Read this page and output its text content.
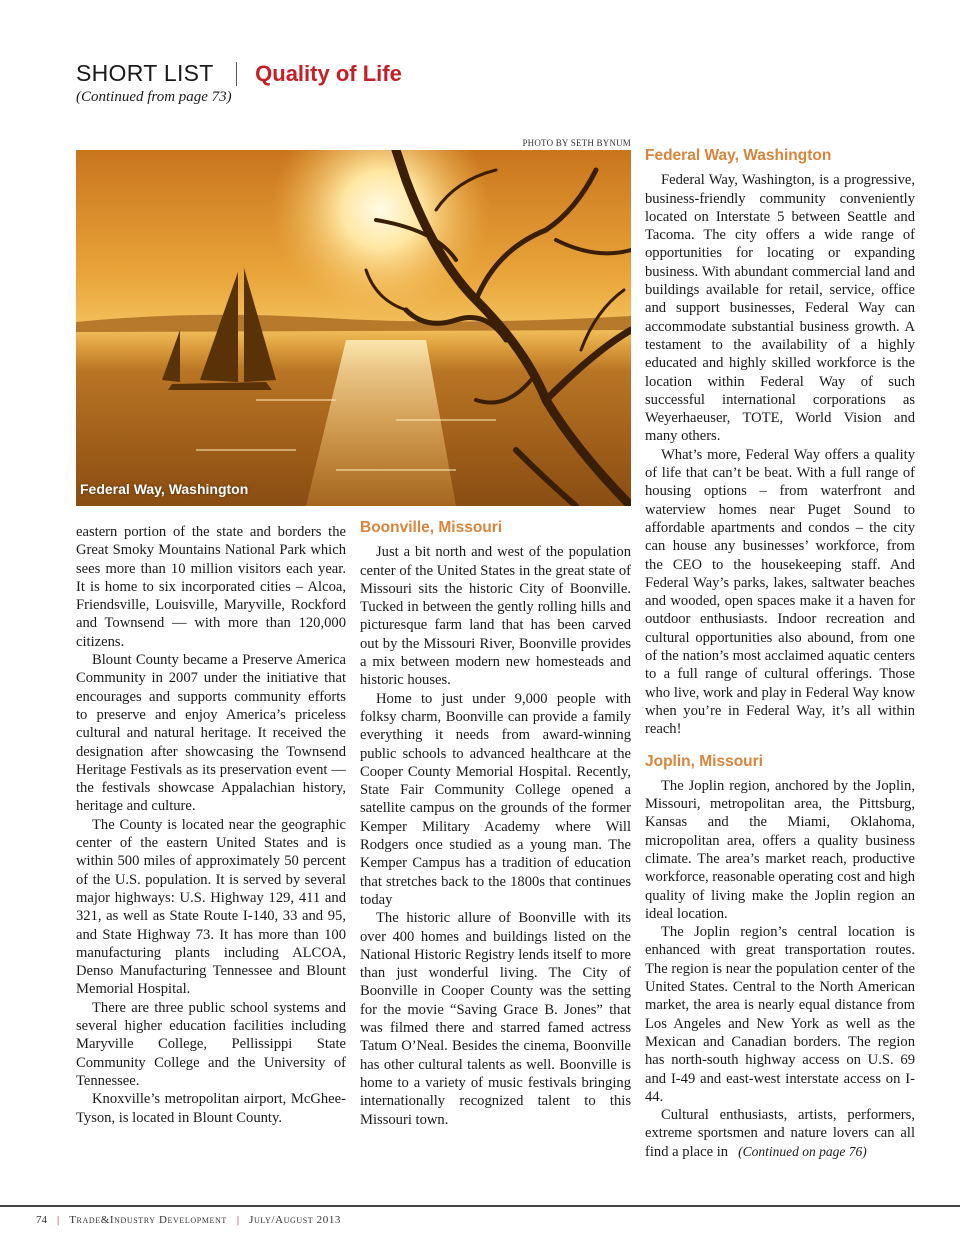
SHORT LIST Quality of Life
(Continued from page 73)
PHOTO BY SETH BYNUM
Federal Way, Washington

eastern portion of the state and borders the Great Smoky Mountains National Park which sees more than 10 million visitors each year. It is home to six incorporated cities – Alcoa, Friendsville, Louisville, Maryville, Rockford and Townsend — with more than 120,000 citizens.

Blount County became a Preserve America Community in 2007 under the initiative that encourages and supports community efforts to preserve and enjoy America’s priceless cultural and natural heritage. It received the designation after showcasing the Townsend Heritage Festivals as its preservation event — the festivals showcase Appalachian history, heritage and culture.

The County is located near the geographic center of the eastern United States and is within 500 miles of approximately 50 percent of the U.S. population. It is served by several major highways: U.S. Highway 129, 411 and 321, as well as State Route I-140, 33 and 95, and State Highway 73. It has more than 100 manufacturing plants including ALCOA, Denso Manufacturing Tennessee and Blount Memorial Hospital.

There are three public school systems and several higher education facilities including Maryville College, Pellissippi State Community College and the University of Tennessee.

Knoxville’s metropolitan airport, McGhee-Tyson, is located in Blount County.

Boonville, Missouri

Just a bit north and west of the population center of the United States in the great state of Missouri sits the historic City of Boonville. Tucked in between the gently rolling hills and picturesque farm land that has been carved out by the Missouri River, Boonville provides a mix between modern new homesteads and historic houses.

Home to just under 9,000 people with folksy charm, Boonville can provide a family everything it needs from award-winning public schools to advanced healthcare at the Cooper County Memorial Hospital. Recently, State Fair Community College opened a satellite campus on the grounds of the former Kemper Military Academy where Will Rodgers once studied as a young man. The Kemper Campus has a tradition of education that stretches back to the 1800s that continues today

The historic allure of Boonville with its over 400 homes and buildings listed on the National Historic Registry lends itself to more than just wonderful living. The City of Boonville in Cooper County was the setting for the movie “Saving Grace B. Jones” that was filmed there and starred famed actress Tatum O’Neal. Besides the cinema, Boonville has other cultural talents as well. Boonville is home to a variety of music festivals bringing internationally recognized talent to this Missouri town.

Federal Way, Washington

Federal Way, Washington, is a progressive, business-friendly community conveniently located on Interstate 5 between Seattle and Tacoma. The city offers a wide range of opportunities for locating or expanding business. With abundant commercial land and buildings available for retail, service, office and support businesses, Federal Way can accommodate substantial business growth. A testament to the availability of a highly educated and highly skilled workforce is the location within Federal Way of such successful international corporations as Weyerhaeuser, TOTE, World Vision and many others.

What’s more, Federal Way offers a quality of life that can’t be beat. With a full range of housing options – from waterfront and waterview homes near Puget Sound to affordable apartments and condos – the city can house any businesses’ workforce, from the CEO to the housekeeping staff. And Federal Way’s parks, lakes, saltwater beaches and wooded, open spaces make it a haven for outdoor enthusiasts. Indoor recreation and cultural opportunities also abound, from one of the nation’s most acclaimed aquatic centers to a full range of cultural offerings. Those who live, work and play in Federal Way know when you’re in Federal Way, it’s all within reach!

Joplin, Missouri

The Joplin region, anchored by the Joplin, Missouri, metropolitan area, the Pittsburg, Kansas and the Miami, Oklahoma, micropolitan area, offers a quality business climate. The area’s market reach, productive workforce, reasonable operating cost and high quality of living make the Joplin region an ideal location.

The Joplin region’s central location is enhanced with great transportation routes. The region is near the population center of the United States. Central to the North American market, the area is nearly equal distance from Los Angeles and New York as well as the Mexican and Canadian borders. The region has north-south highway access on U.S. 69 and I-49 and east-west interstate access on I-44.

Cultural enthusiasts, artists, performers, extreme sportsmen and nature lovers can all find a place in (Continued on page 76)

74 | Trade&Industry Development | July/August 2013
